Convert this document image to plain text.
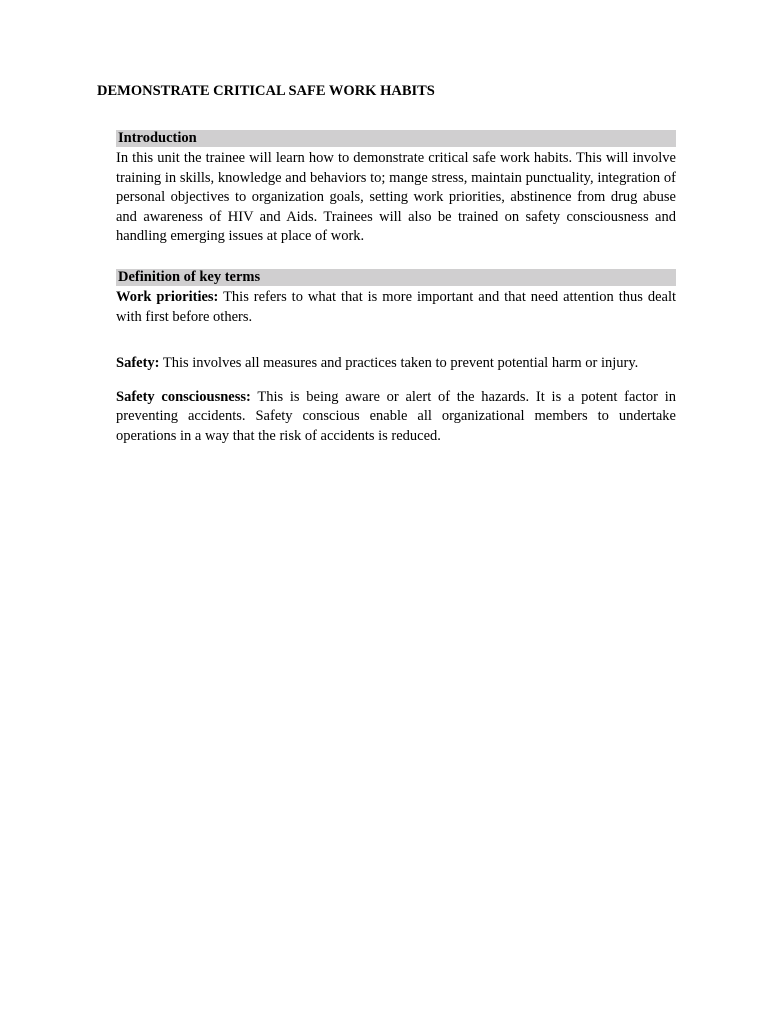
DEMONSTRATE CRITICAL SAFE WORK HABITS
Introduction

In this unit the trainee will learn how to demonstrate critical safe work habits. This will involve training in skills, knowledge and behaviors to; mange stress, maintain punctuality, integration of personal objectives to organization goals, setting work priorities, abstinence from drug abuse and awareness of HIV and Aids. Trainees will also be trained on safety consciousness and handling emerging issues at place of work.

Definition of key terms

Work priorities: This refers to what that is more important and that need attention thus dealt with first before others.

Safety: This involves all measures and practices taken to prevent potential harm or injury.

Safety consciousness: This is being aware or alert of the hazards. It is a potent factor in preventing accidents. Safety conscious enable all organizational members to undertake operations in a way that the risk of accidents is reduced.
